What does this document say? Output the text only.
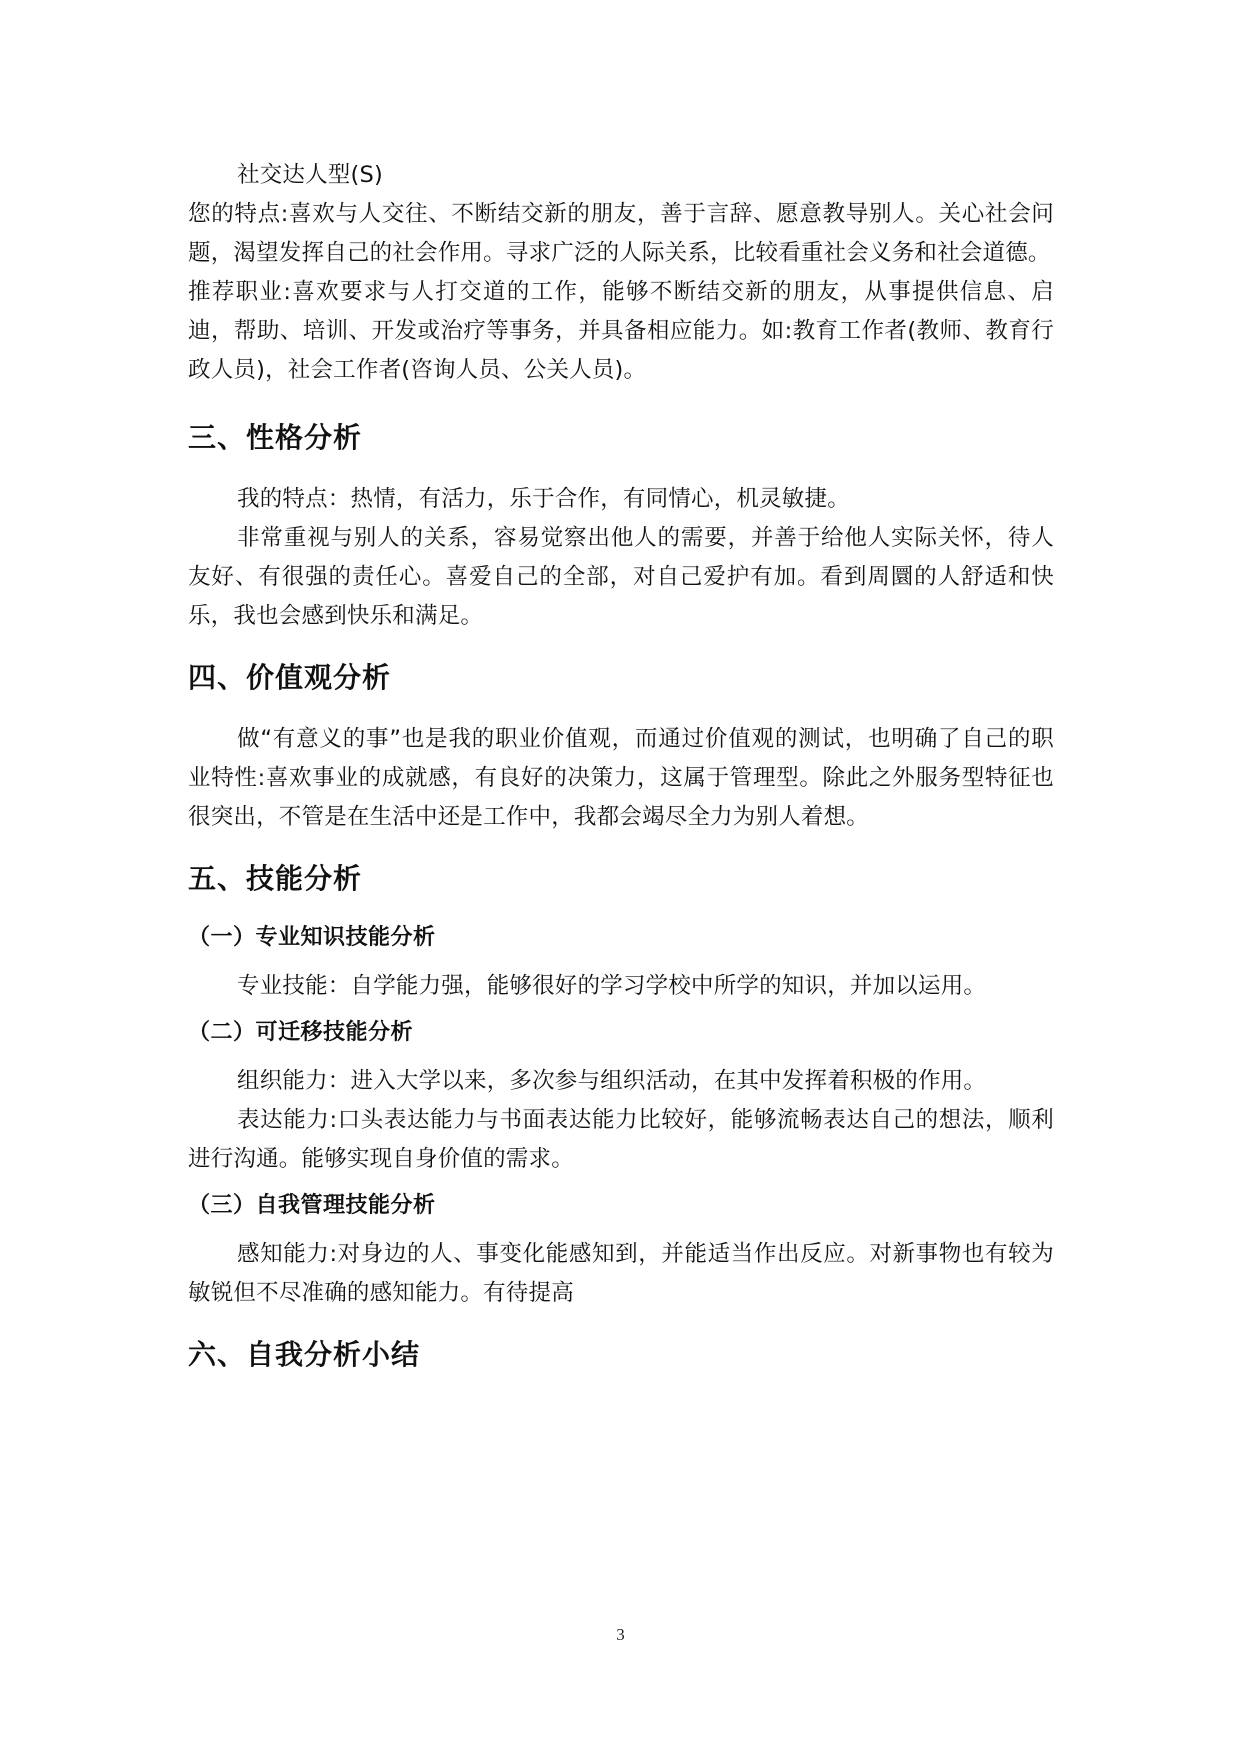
社交达人型(S)

您的特点:喜欢与人交往、不断结交新的朋友，善于言辞、愿意教导别人。关心社会问题，渴望发挥自己的社会作用。寻求广泛的人际关系，比较看重社会义务和社会道德。

推荐职业:喜欢要求与人打交道的工作，能够不断结交新的朋友，从事提供信息、启迪，帮助、培训、开发或治疗等事务，并具备相应能力。如:教育工作者(教师、教育行政人员)，社会工作者(咨询人员、公关人员)。

三、性格分析

我的特点：热情，有活力，乐于合作，有同情心，机灵敏捷。

非常重视与别人的关系，容易觉察出他人的需要，并善于给他人实际关怀，待人友好、有很强的责任心。喜爱自己的全部，对自己爱护有加。看到周圜的人舒适和快乐，我也会感到快乐和满足。

四、价值观分析

做“有意义的事”也是我的职业价值观，而通过价值观的测试，也明确了自己的职业特性:喜欢事业的成就感，有良好的决策力，这属于管理型。除此之外服务型特征也很突出，不管是在生活中还是工作中，我都会竭尽全力为别人着想。

五、技能分析
（一）专业知识技能分析

专业技能：自学能力强，能够很好的学习学校中所学的知识，并加以运用。

（二）可迁移技能分析

组织能力：进入大学以来，多次参与组织活动，在其中发挥着积极的作用。

表达能力:口头表达能力与书面表达能力比较好，能够流畅表达自己的想法，顺利进行沟通。能够实现自身价值的需求。

（三）自我管理技能分析

感知能力:对身边的人、事变化能感知到，并能适当作出反应。对新事物也有较为敏锐但不尽准确的感知能力。有待提高

六、自我分析小结
3
